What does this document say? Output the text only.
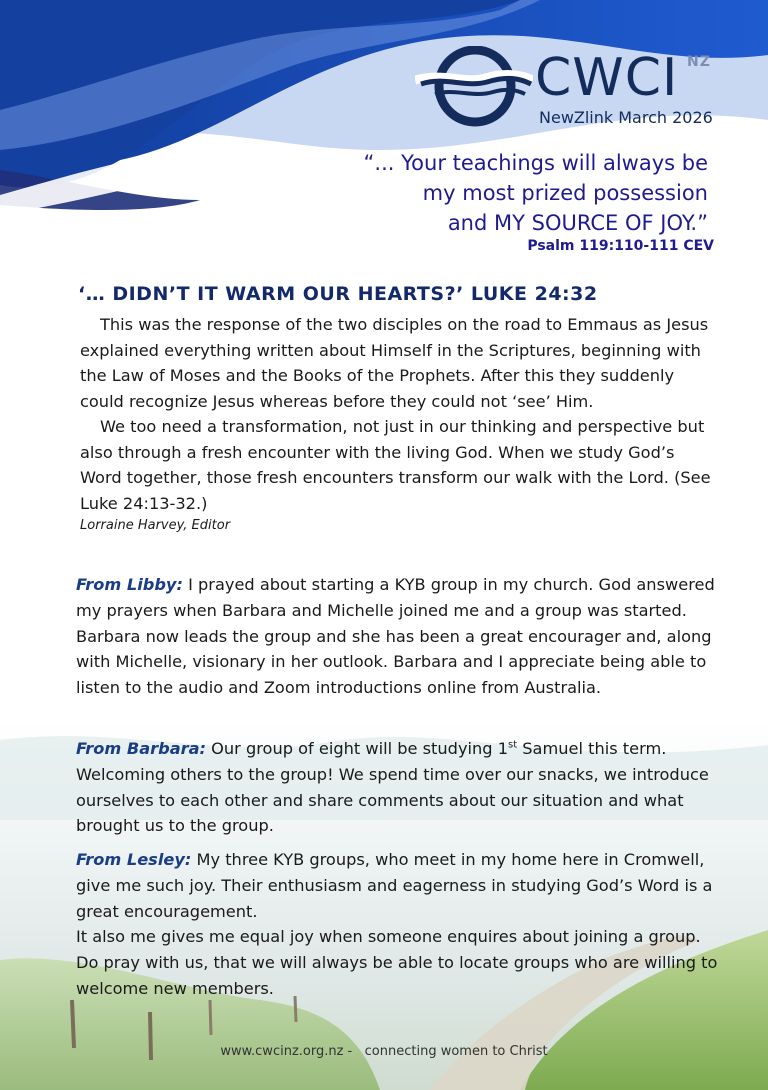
CWCI NZ
NewZlink March 2026
“... Your teachings will always be
my most prized possession
and MY SOURCE OF JOY.”
Psalm 119:110-111 CEV
‘… DIDN’T IT WARM OUR HEARTS?’ LUKE 24:32

This was the response of the two disciples on the road to Emmaus as Jesus explained everything written about Himself in the Scriptures, beginning with the Law of Moses and the Books of the Prophets. After this they suddenly could recognize Jesus whereas before they could not ‘see’ Him.

We too need a transformation, not just in our thinking and perspective but also through a fresh encounter with the living God. When we study God’s Word together, those fresh encounters transform our walk with the Lord. (See Luke 24:13-32.)

Lorraine Harvey, Editor
From Libby: I prayed about starting a KYB group in my church. God answered my prayers when Barbara and Michelle joined me and a group was started. Barbara now leads the group and she has been a great encourager and, along with Michelle, visionary in her outlook. Barbara and I appreciate being able to listen to the audio and Zoom introductions online from Australia.
From Barbara: Our group of eight will be studying 1st Samuel this term. Welcoming others to the group! We spend time over our snacks, we introduce ourselves to each other and share comments about our situation and what brought us to the group.
From Lesley: My three KYB groups, who meet in my home here in Cromwell, give me such joy. Their enthusiasm and eagerness in studying God’s Word is a great encouragement.
It also me gives me equal joy when someone enquires about joining a group. Do pray with us, that we will always be able to locate groups who are willing to welcome new members.
www.cwcinz.org.nz -   connecting women to Christ
